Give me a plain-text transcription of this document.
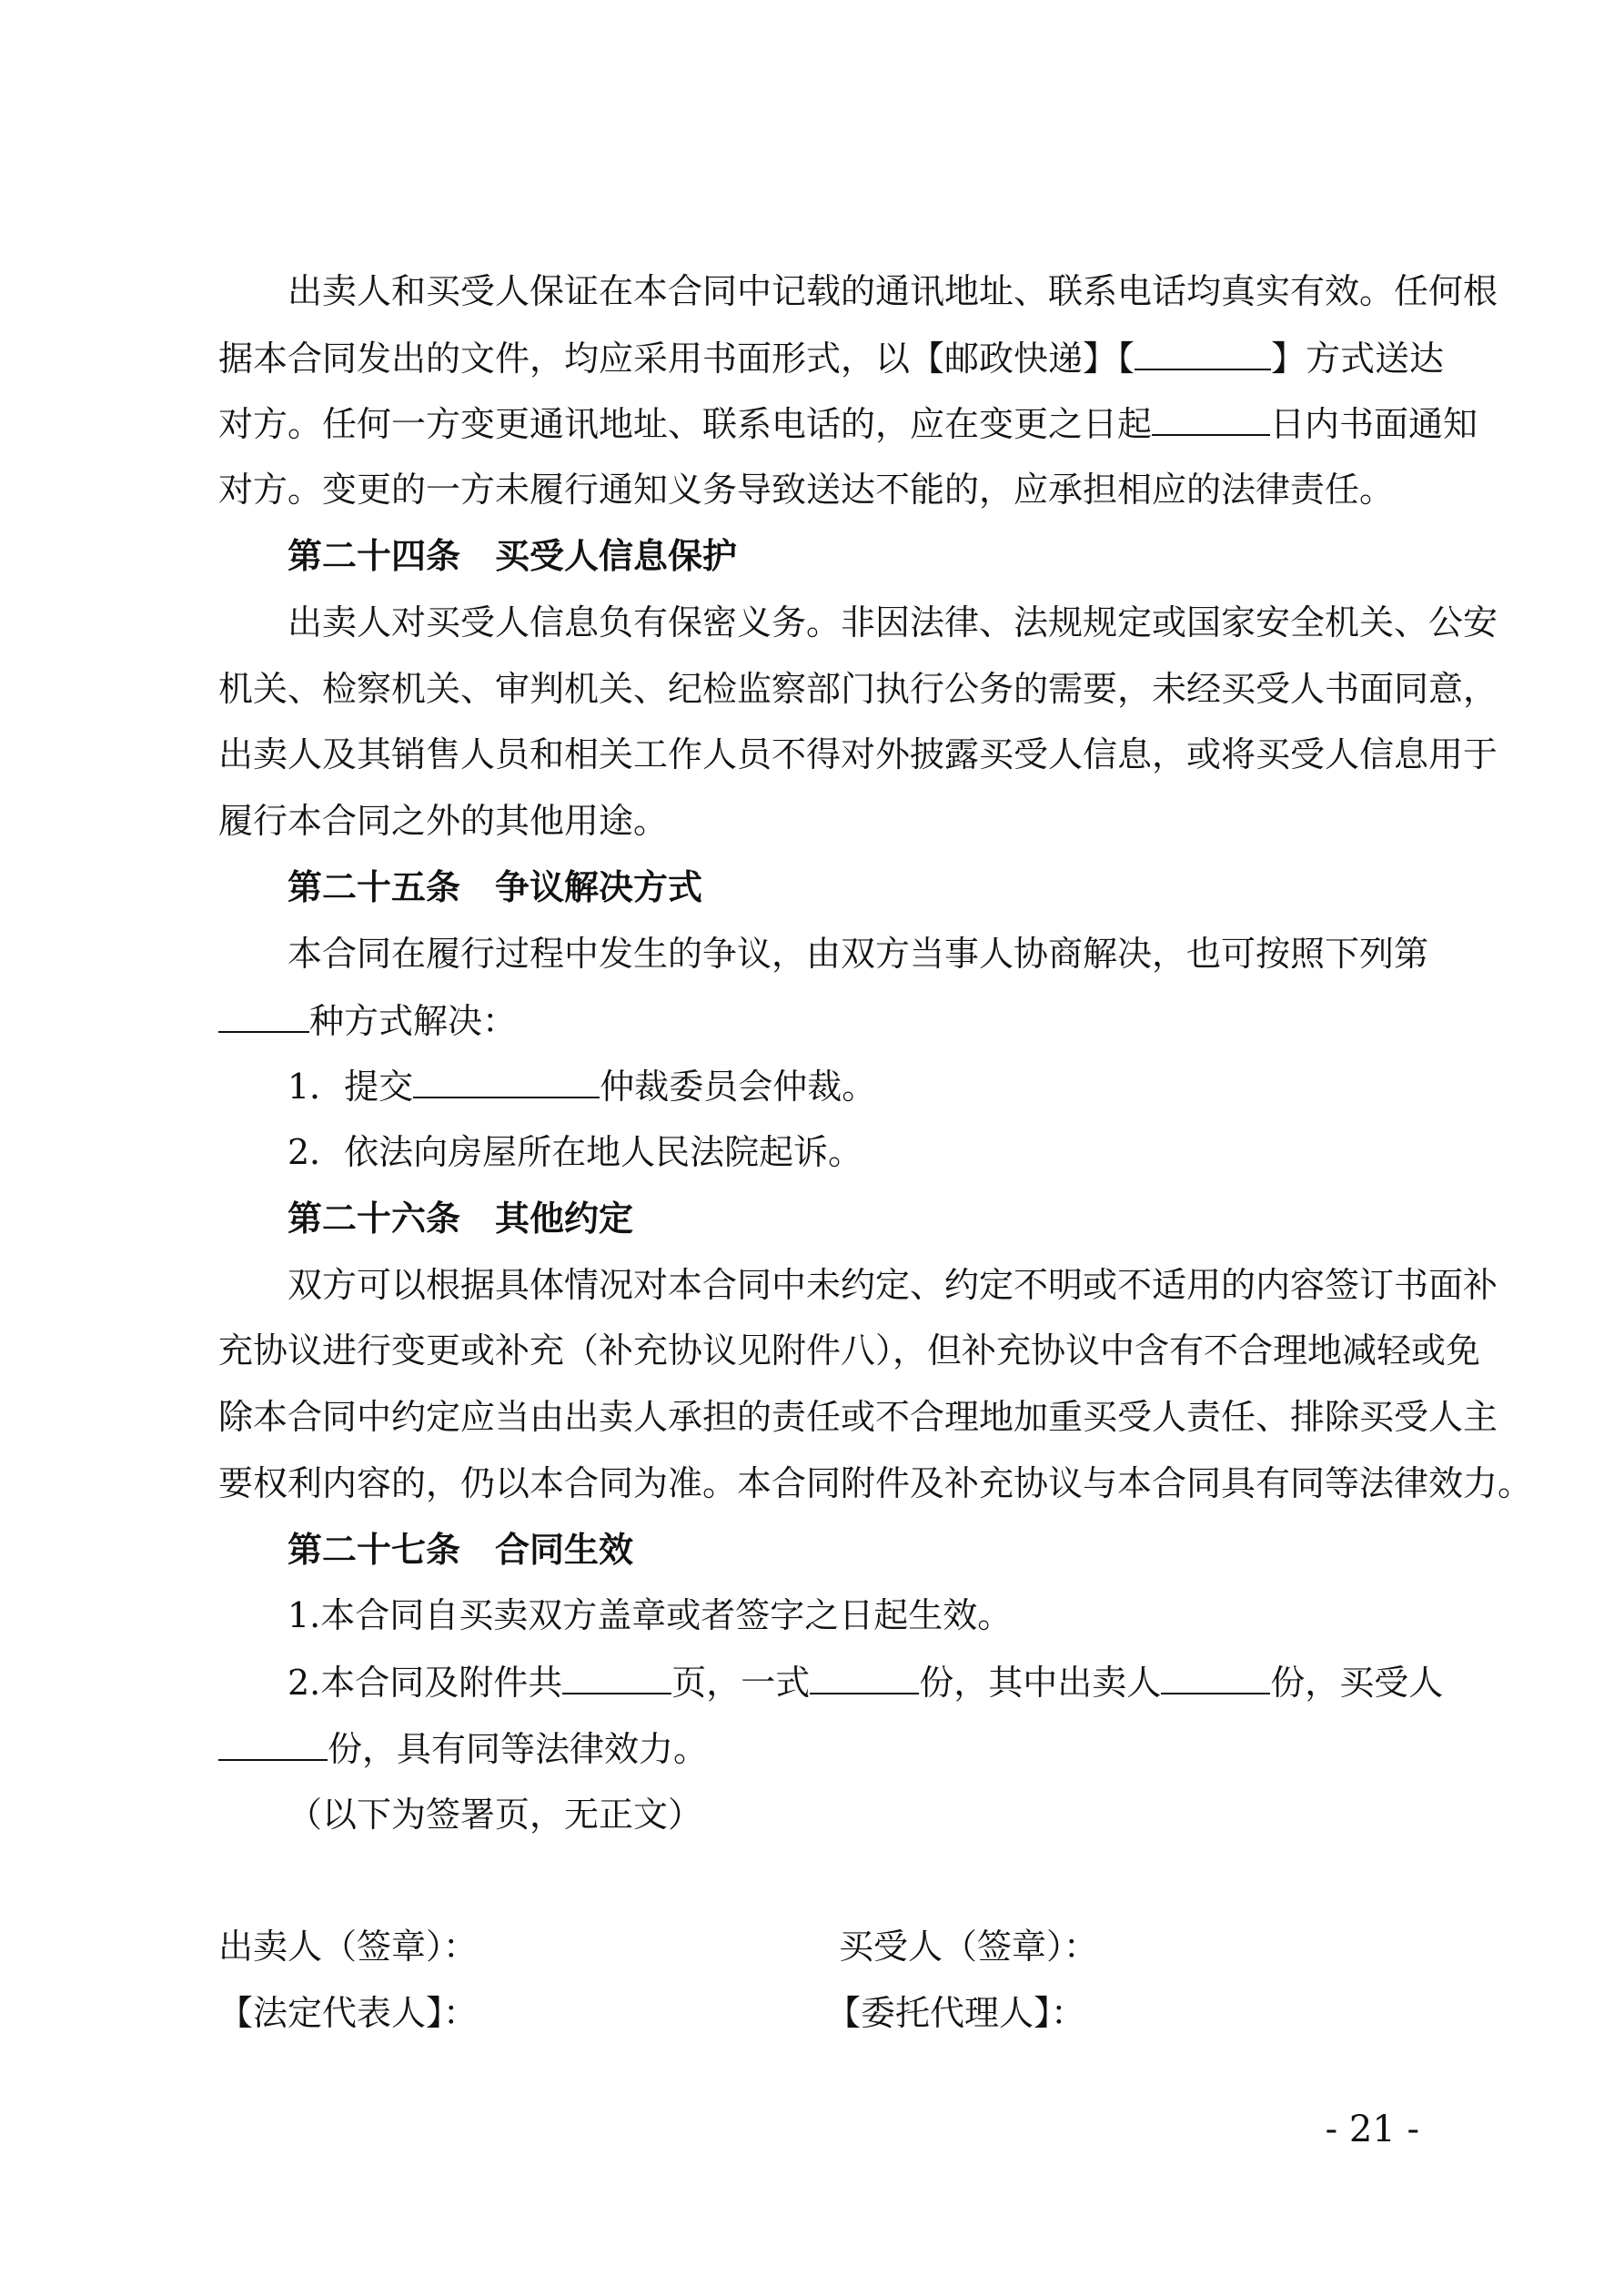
出卖人和买受人保证在本合同中记载的通讯地址、联系电话均真实有效。任何根
据本合同发出的文件，均应采用书面形式，以【邮政快递】【	】方式送达
对方。任何一方变更通讯地址、联系电话的，应在变更之日起	日内书面通知
对方。变更的一方未履行通知义务导致送达不能的，应承担相应的法律责任。
第二十四条　买受人信息保护
出卖人对买受人信息负有保密义务。非因法律、法规规定或国家安全机关、公安
机关、检察机关、审判机关、纪检监察部门执行公务的需要，未经买受人书面同意，
出卖人及其销售人员和相关工作人员不得对外披露买受人信息，或将买受人信息用于
履行本合同之外的其他用途。
第二十五条　争议解决方式
本合同在履行过程中发生的争议，由双方当事人协商解决，也可按照下列第
种方式解决：
1．提交	仲裁委员会仲裁。
2．依法向房屋所在地人民法院起诉。
第二十六条　其他约定
双方可以根据具体情况对本合同中未约定、约定不明或不适用的内容签订书面补
充协议进行变更或补充（补充协议见附件八），但补充协议中含有不合理地减轻或免
除本合同中约定应当由出卖人承担的责任或不合理地加重买受人责任、排除买受人主
要权利内容的，仍以本合同为准。本合同附件及补充协议与本合同具有同等法律效力。
第二十七条　合同生效
1.本合同自买卖双方盖章或者签字之日起生效。
2.本合同及附件共	页，一式	份，其中出卖人	份，买受人
份，具有同等法律效力。
（以下为签署页，无正文）
出卖人（签章）：	买受人（签章）：
【法定代表人】：	【委托代理人】：
- 21 -
